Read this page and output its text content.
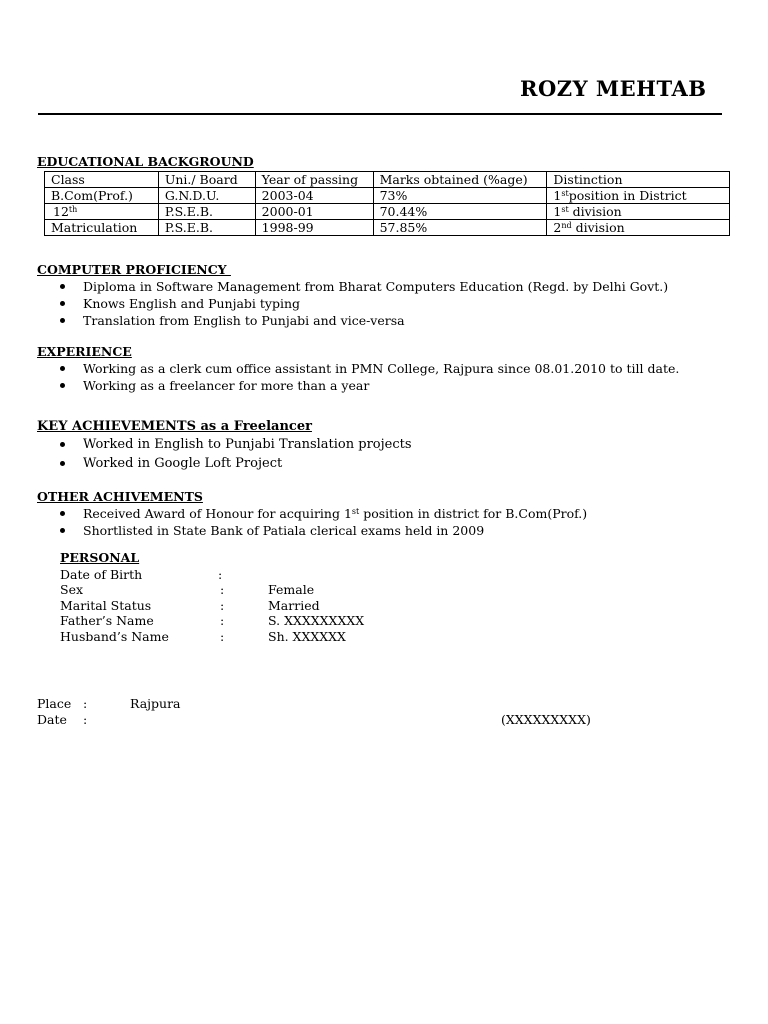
ROZY MEHTAB
EDUCATIONAL BACKGROUND
Class	Uni./ Board	Year of passing	Marks obtained (%age)	Distinction
B.Com(Prof.)	G.N.D.U.	2003-04	73%	1stposition in District
12th	P.S.E.B.	2000-01	70.44%	1st division
Matriculation	P.S.E.B.	1998-99	57.85%	2nd division
COMPUTER PROFICIENCY
Diploma in Software Management from Bharat Computers Education (Regd. by Delhi Govt.)
Knows English and Punjabi typing
Translation from English to Punjabi and vice-versa
EXPERIENCE
Working as a clerk cum office assistant in PMN College, Rajpura since 08.01.2010 to till date.
Working as a freelancer for more than a year
KEY ACHIEVEMENTS as a Freelancer
Worked in English to Punjabi Translation projects
Worked in Google Loft Project
OTHER ACHIVEMENTS
Received Award of Honour for acquiring 1st position in district for B.Com(Prof.)
Shortlisted in State Bank of Patiala clerical exams held in 2009
PERSONAL
Date of Birth	:
Sex	:	Female
Marital Status	:	Married
Father’s Name	:	S. XXXXXXXXX
Husband’s Name	:	Sh. XXXXXX
Place :	Rajpura
Date :	(XXXXXXXXX)
